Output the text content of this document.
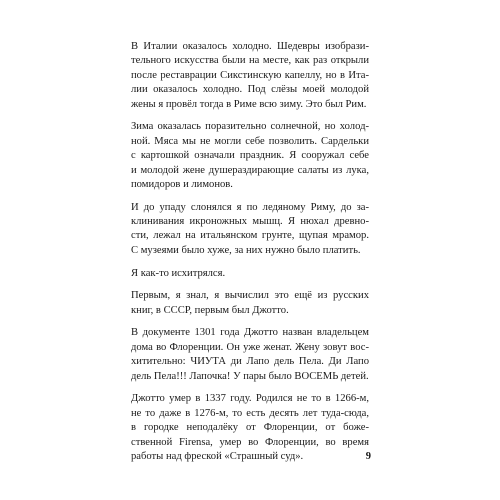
В Италии оказалось холодно. Шедевры изобрази-
тельного искусства были на месте, как раз открыли
после реставрации Сикстинскую капеллу, но в Ита-
лии оказалось холодно. Под слёзы моей молодой
жены я провёл тогда в Риме всю зиму. Это был Рим.

Зима оказалась поразительно солнечной, но холод-
ной. Мяса мы не могли себе позволить. Сардельки
с картошкой означали праздник. Я сооружал себе
и молодой жене душераздирающие салаты из лука,
помидоров и лимонов.

И до упаду слонялся я по ледяному Риму, до за-
клинивания икроножных мышц. Я нюхал древно-
сти, лежал на итальянском грунте, щупая мрамор.
С музеями было хуже, за них нужно было платить.

Я как-то исхитрялся.

Первым, я знал, я вычислил это ещё из русских
книг, в СССР, первым был Джотто.

В документе 1301 года Джотто назван владельцем
дома во Флоренции. Он уже женат. Жену зовут вос-
хитительно: ЧИУТА ди Лапо дель Пела. Ди Лапо
дель Пела!!! Лапочка! У пары было ВОСЕМЬ детей.

Джотто умер в 1337 году. Родился не то в 1266-м,
не то даже в 1276-м, то есть десять лет туда-сюда,
в городке неподалёку от Флоренции, от боже-
ственной Firensa, умер во Флоренции, во время
работы над фреской «Страшный суд».	9
